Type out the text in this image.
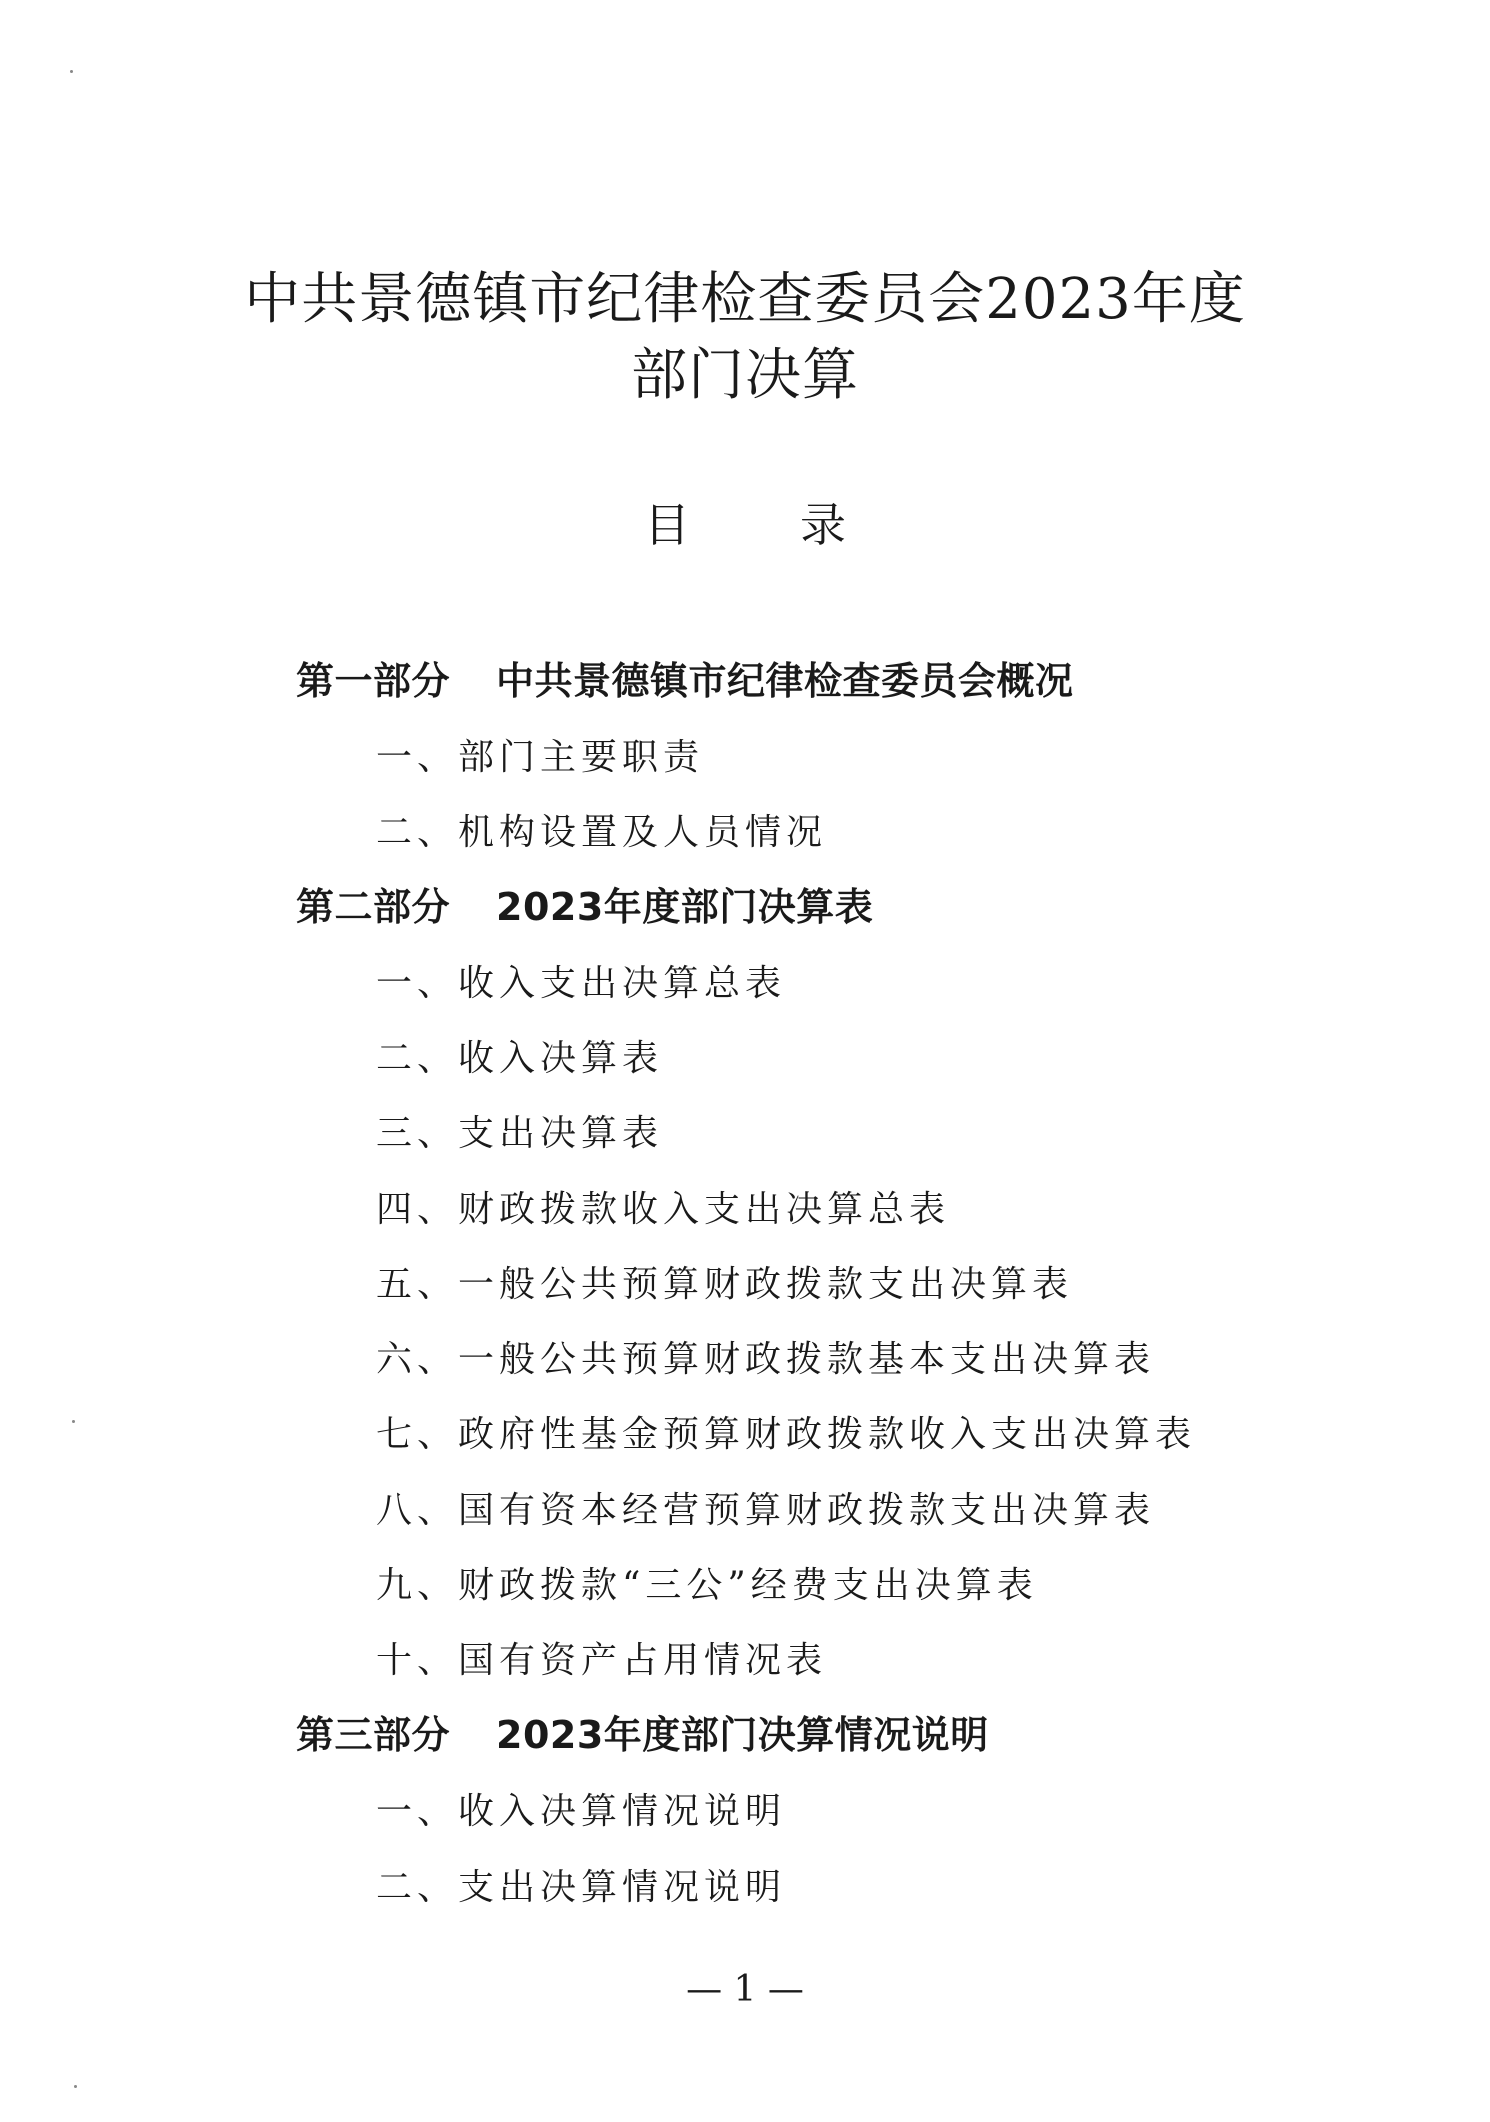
中共景德镇市纪律检查委员会2023年度
部门决算
目 录
第一部分 中共景德镇市纪律检查委员会概况
一、部门主要职责
二、机构设置及人员情况
第二部分 2023年度部门决算表
一、收入支出决算总表
二、收入决算表
三、支出决算表
四、财政拨款收入支出决算总表
五、一般公共预算财政拨款支出决算表
六、一般公共预算财政拨款基本支出决算表
七、政府性基金预算财政拨款收入支出决算表
八、国有资本经营预算财政拨款支出决算表
九、财政拨款“三公”经费支出决算表
十、国有资产占用情况表
第三部分 2023年度部门决算情况说明
一、收入决算情况说明
二、支出决算情况说明
— 1 —
